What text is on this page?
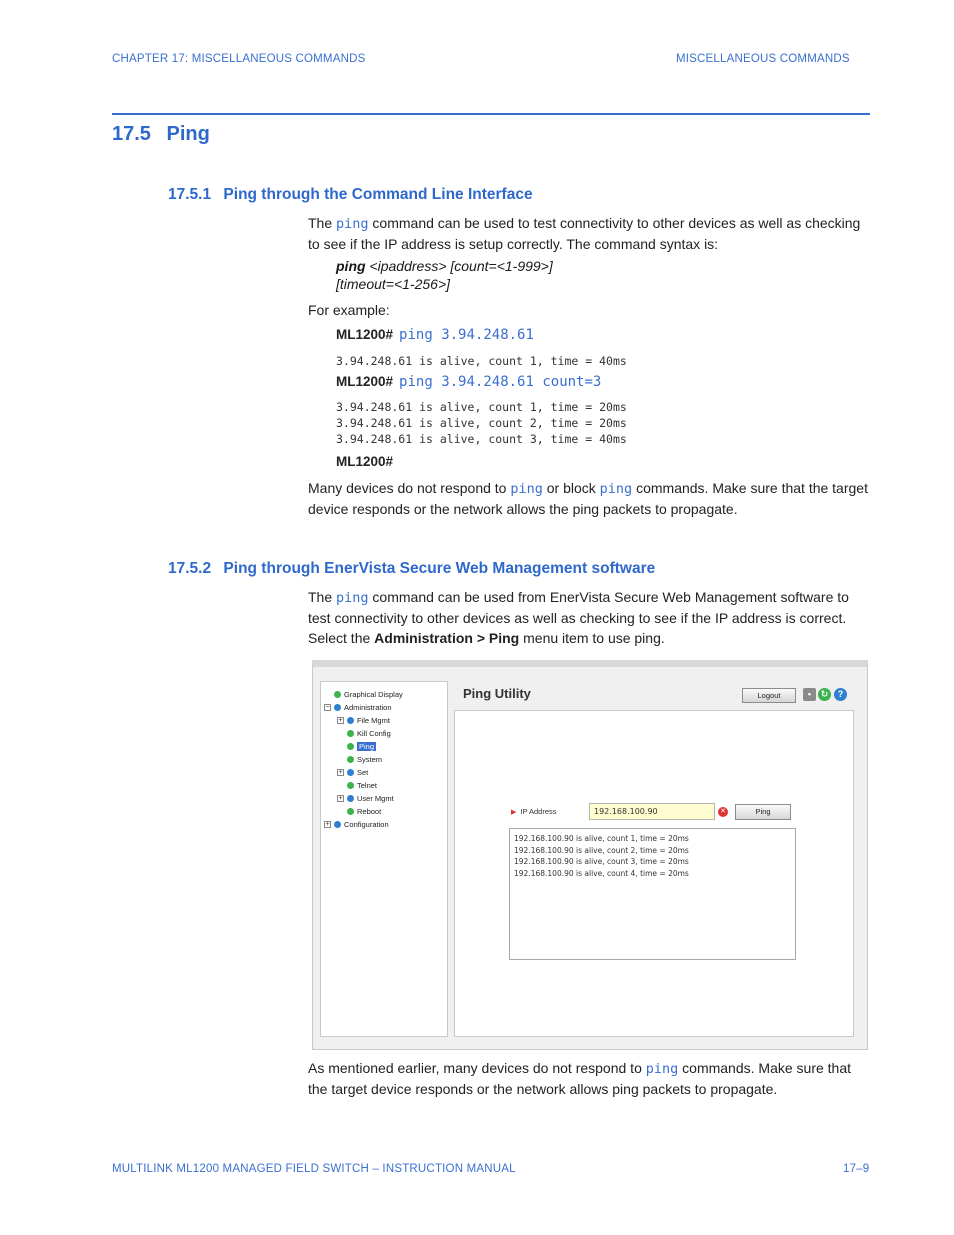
CHAPTER 17: MISCELLANEOUS COMMANDS	MISCELLANEOUS COMMANDS
17.5 Ping
17.5.1 Ping through the Command Line Interface
The ping command can be used to test connectivity to other devices as well as checking
to see if the IP address is setup correctly. The command syntax is:
ping <ipaddress> [count=<1-999>]
[timeout=<1-256>]
For example:
ML1200# ping 3.94.248.61
3.94.248.61 is alive, count 1, time = 40ms
ML1200# ping 3.94.248.61 count=3
3.94.248.61 is alive, count 1, time = 20ms
3.94.248.61 is alive, count 2, time = 20ms
3.94.248.61 is alive, count 3, time = 40ms
ML1200#
Many devices do not respond to ping or block ping commands. Make sure that the target
device responds or the network allows the ping packets to propagate.
17.5.2 Ping through EnerVista Secure Web Management software
The ping command can be used from EnerVista Secure Web Management software to
test connectivity to other devices as well as checking to see if the IP address is correct.
Select the Administration > Ping menu item to use ping.
Graphical Display
− Administration
+ File Mgmt
Kill Config
Ping
System
+ Set
Telnet
+ User Mgmt
Reboot
+ Configuration
Ping Utility	Logout	▪	↻	?
▶ IP Address	192.168.100.90	✕	Ping
192.168.100.90 is alive, count 1, time = 20ms
192.168.100.90 is alive, count 2, time = 20ms
192.168.100.90 is alive, count 3, time = 20ms
192.168.100.90 is alive, count 4, time = 20ms
As mentioned earlier, many devices do not respond to ping commands. Make sure that
the target device responds or the network allows ping packets to propagate.
MULTILINK ML1200 MANAGED FIELD SWITCH – INSTRUCTION MANUAL	17–9
